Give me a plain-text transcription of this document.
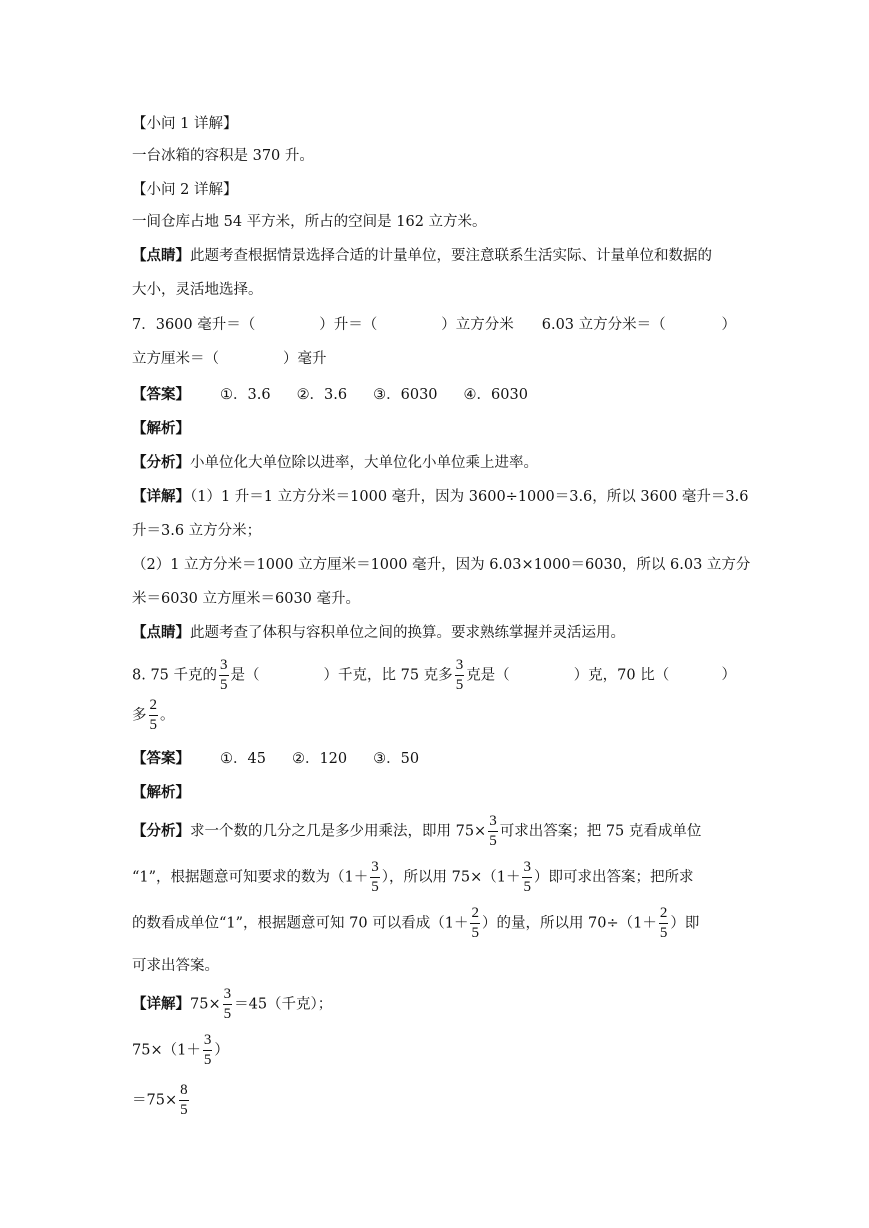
【小问 1 详解】
一台冰箱的容积是 370 升。
【小问 2 详解】
一间仓库占地 54 平方米，所占的空间是 162 立方米。
【点睛】此题考查根据情景选择合适的计量单位，要注意联系生活实际、计量单位和数据的
大小，灵活地选择。
7．3600 毫升＝（	）升＝（	）立方分米 6.03 立方分米＝（	）
立方厘米＝（	）毫升
【答案】 ①．3.6 ②．3.6 ③．6030 ④．6030
【解析】
【分析】小单位化大单位除以进率，大单位化小单位乘上进率。
【详解】（1）1 升＝1 立方分米＝1000 毫升，因为 3600÷1000＝3.6，所以 3600 毫升＝3.6
升＝3.6 立方分米；
（2）1 立方分米＝1000 立方厘米＝1000 毫升，因为 6.03×1000＝6030，所以 6.03 立方分
米＝6030 立方厘米＝6030 毫升。
【点睛】此题考查了体积与容积单位之间的换算。要求熟练掌握并灵活运用。
8. 75 千克的 $\frac{3}{5}$ 是（	）千克，比 75 克多 $\frac{3}{5}$ 克是（	）克，70 比（	）
多 $\frac{2}{5}$ 。
【答案】 ①．45 ②．120 ③．50
【解析】
【分析】求一个数的几分之几是多少用乘法，即用 $75\times \frac{3}{5}$ 可求出答案；把 75 克看成单位
“1”，根据题意可知要求的数为（$1+ \frac{3}{5}$ ），所以用 $75\times(1+ \frac{3}{5}$ ）即可求出答案；把所求
的数看成单位“1”，根据题意可知 70 可以看成（$1+ \frac{2}{5}$ ）的量，所以用 $70\div(1+ \frac{2}{5}$ ）即
可求出答案。
【详解】$75\times \frac{3}{5} =45$（千克）；
$75\times(1+ \frac{3}{5}$ ）
$=75\times \frac{8}{5}$
